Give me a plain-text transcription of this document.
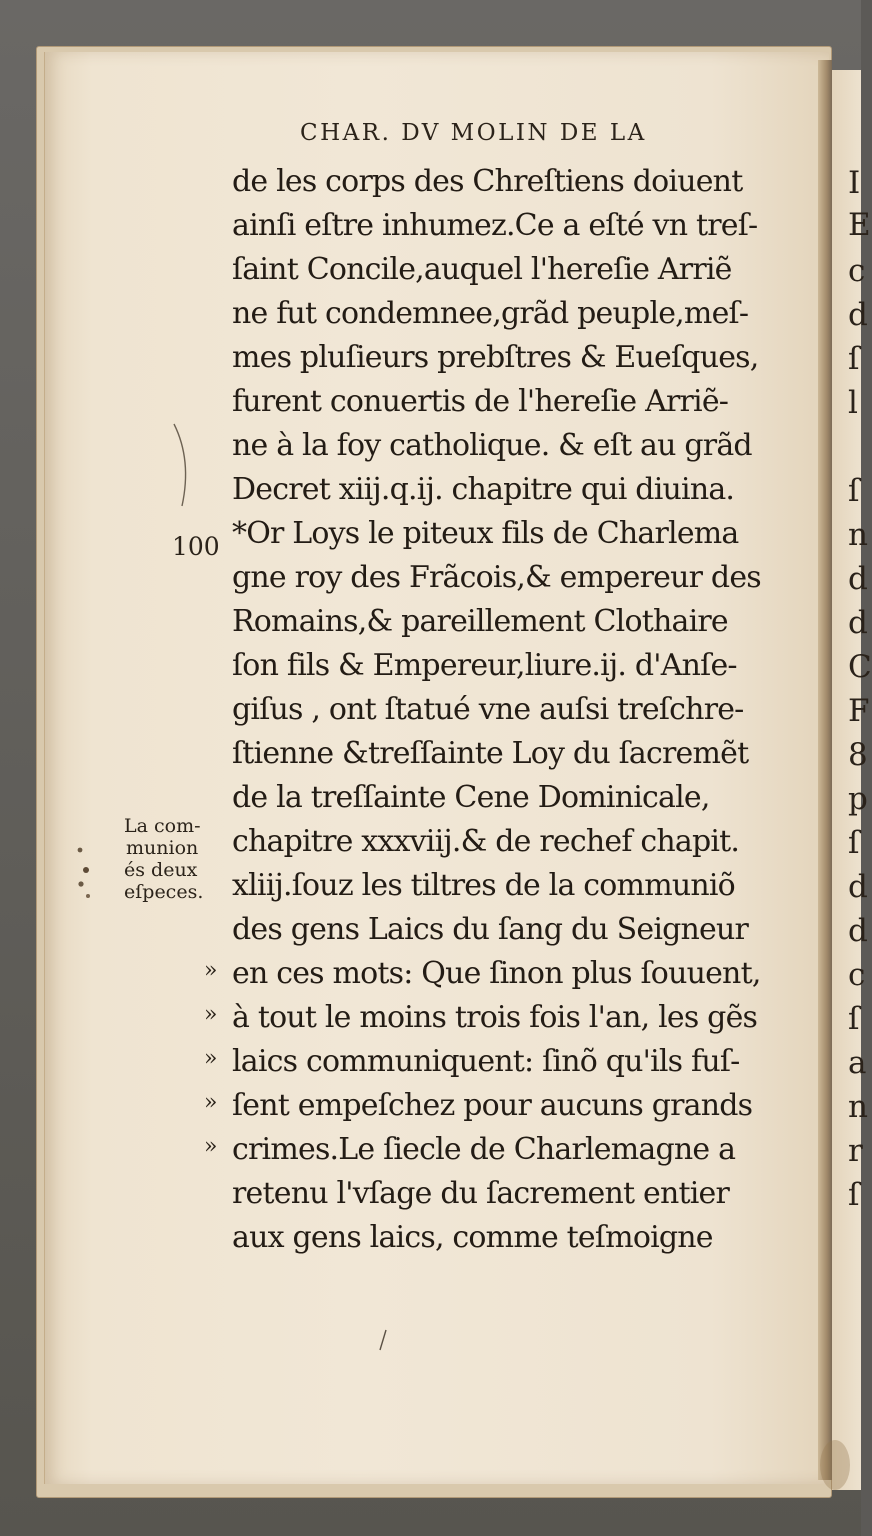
I
E
c
d
ſ
l
ſ
n
d
d
C
F
8
p
ſ
d
d
c
ſ
a
n
r
ſ
CHAR. DV MOLIN DE LA
100
de les corps des Chreſtiens doiuent
ainſi eſtre inhumez.Ce a eſté vn treſ-
ſaint Concile,auquel l'hereſie Arriẽ
ne fut condemnee,grãd peuple,meſ-
mes pluſieurs prebſtres & Eueſques,
furent conuertis de l'hereſie Arriẽ-
ne à la foy catholique. & eſt au grãd
Decret xiij.q.ij. chapitre qui diuina.
*Or Loys le piteux fils de Charlema
gne roy des Frãcois,& empereur des
Romains,& pareillement Clothaire
ſon fils & Empereur,liure.ij. d'Anſe-
giſus , ont ſtatué vne auſsi treſchre-
ſtienne &treſſainte Loy du ſacremẽt
de la treſſainte Cene Dominicale,
chapitre xxxviij.& de rechef chapit.
xliij.ſouz les tiltres de la communiõ
des gens Laics du ſang du Seigneur
en ces mots: Que ſinon plus ſouuent,
à tout le moins trois fois l'an, les gẽs
laics communiquent: ſinõ qu'ils fuſ-
ſent empeſchez pour aucuns grands
crimes.Le ſiecle de Charlemagne a
retenu l'vſage du ſacrement entier
aux gens laics, comme teſmoigne
La com-
munion
és deux
eſpeces.
»
»
»
»
»
